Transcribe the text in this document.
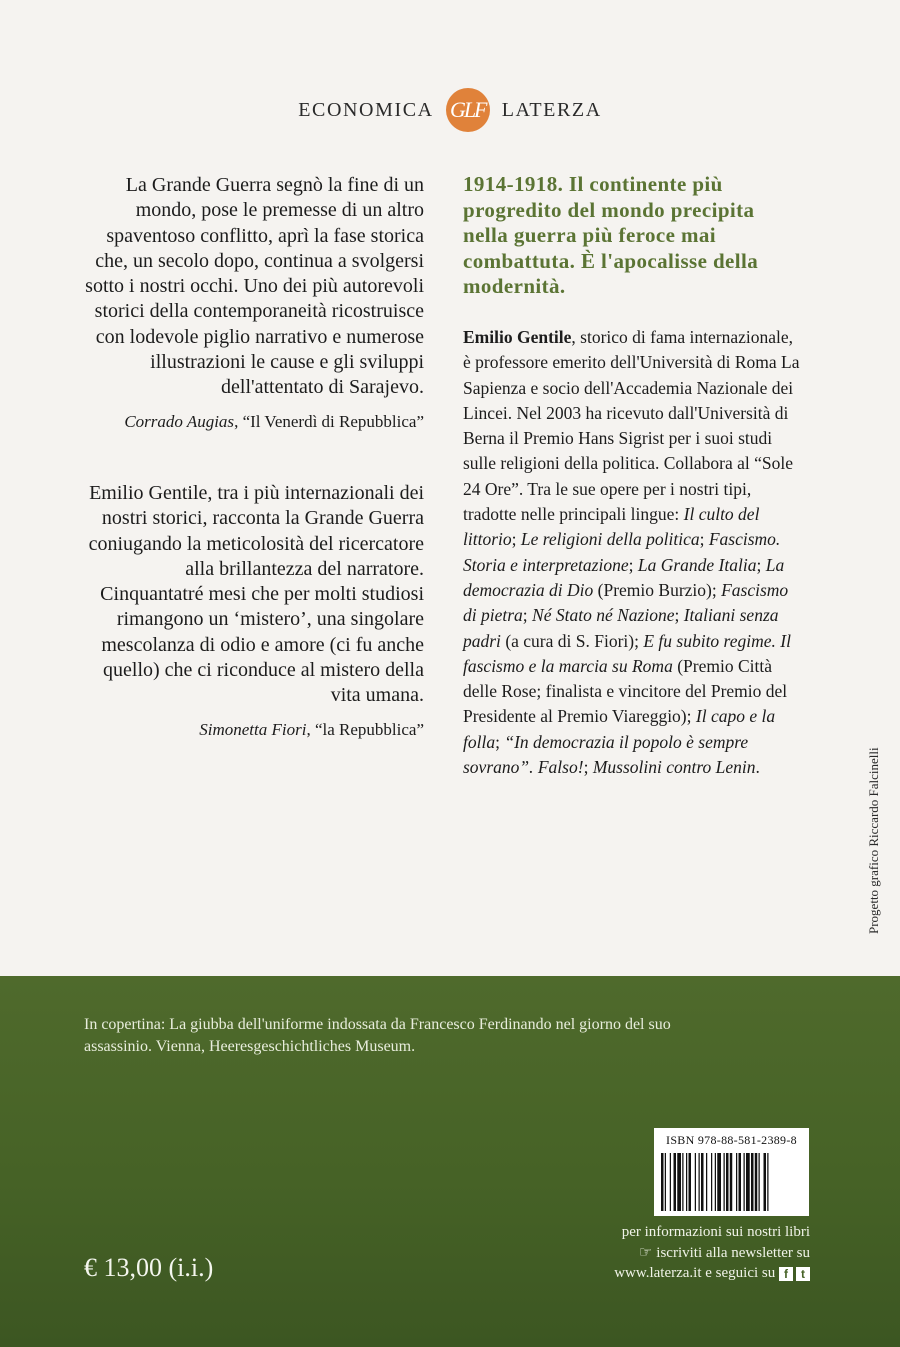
ECONOMICA GLF LATERZA
La Grande Guerra segnò la fine di un mondo, pose le premesse di un altro spaventoso conflitto, aprì la fase storica che, un secolo dopo, continua a svolgersi sotto i nostri occhi. Uno dei più autorevoli storici della contemporaneità ricostruisce con lodevole piglio narrativo e numerose illustrazioni le cause e gli sviluppi dell'attentato di Sarajevo.
Corrado Augias, “Il Venerdì di Repubblica”
Emilio Gentile, tra i più internazionali dei nostri storici, racconta la Grande Guerra coniugando la meticolosità del ricercatore alla brillantezza del narratore. Cinquantatré mesi che per molti studiosi rimangono un ‘mistero’, una singolare mescolanza di odio e amore (ci fu anche quello) che ci riconduce al mistero della vita umana.
Simonetta Fiori, “la Repubblica”
1914-1918. Il continente più progredito del mondo precipita nella guerra più feroce mai combattuta. È l'apocalisse della modernità.
Emilio Gentile, storico di fama internazionale, è professore emerito dell'Università di Roma La Sapienza e socio dell'Accademia Nazionale dei Lincei. Nel 2003 ha ricevuto dall'Università di Berna il Premio Hans Sigrist per i suoi studi sulle religioni della politica. Collabora al “Sole 24 Ore”. Tra le sue opere per i nostri tipi, tradotte nelle principali lingue: Il culto del littorio; Le religioni della politica; Fascismo. Storia e interpretazione; La Grande Italia; La democrazia di Dio (Premio Burzio); Fascismo di pietra; Né Stato né Nazione; Italiani senza padri (a cura di S. Fiori); E fu subito regime. Il fascismo e la marcia su Roma (Premio Città delle Rose; finalista e vincitore del Premio del Presidente al Premio Viareggio); Il capo e la folla; “In democrazia il popolo è sempre sovrano”. Falso!; Mussolini contro Lenin.	Progetto grafico Riccardo Falcinelli
In copertina: La giubba dell'uniforme indossata da Francesco Ferdinando nel giorno del suo assassinio. Vienna, Heeresgeschichtliches Museum.
ISBN 978-88-581-2389-8
per informazioni sui nostri libri
☞ iscriviti alla newsletter su
www.laterza.it e seguici su f	t
€ 13,00 (i.i.)
